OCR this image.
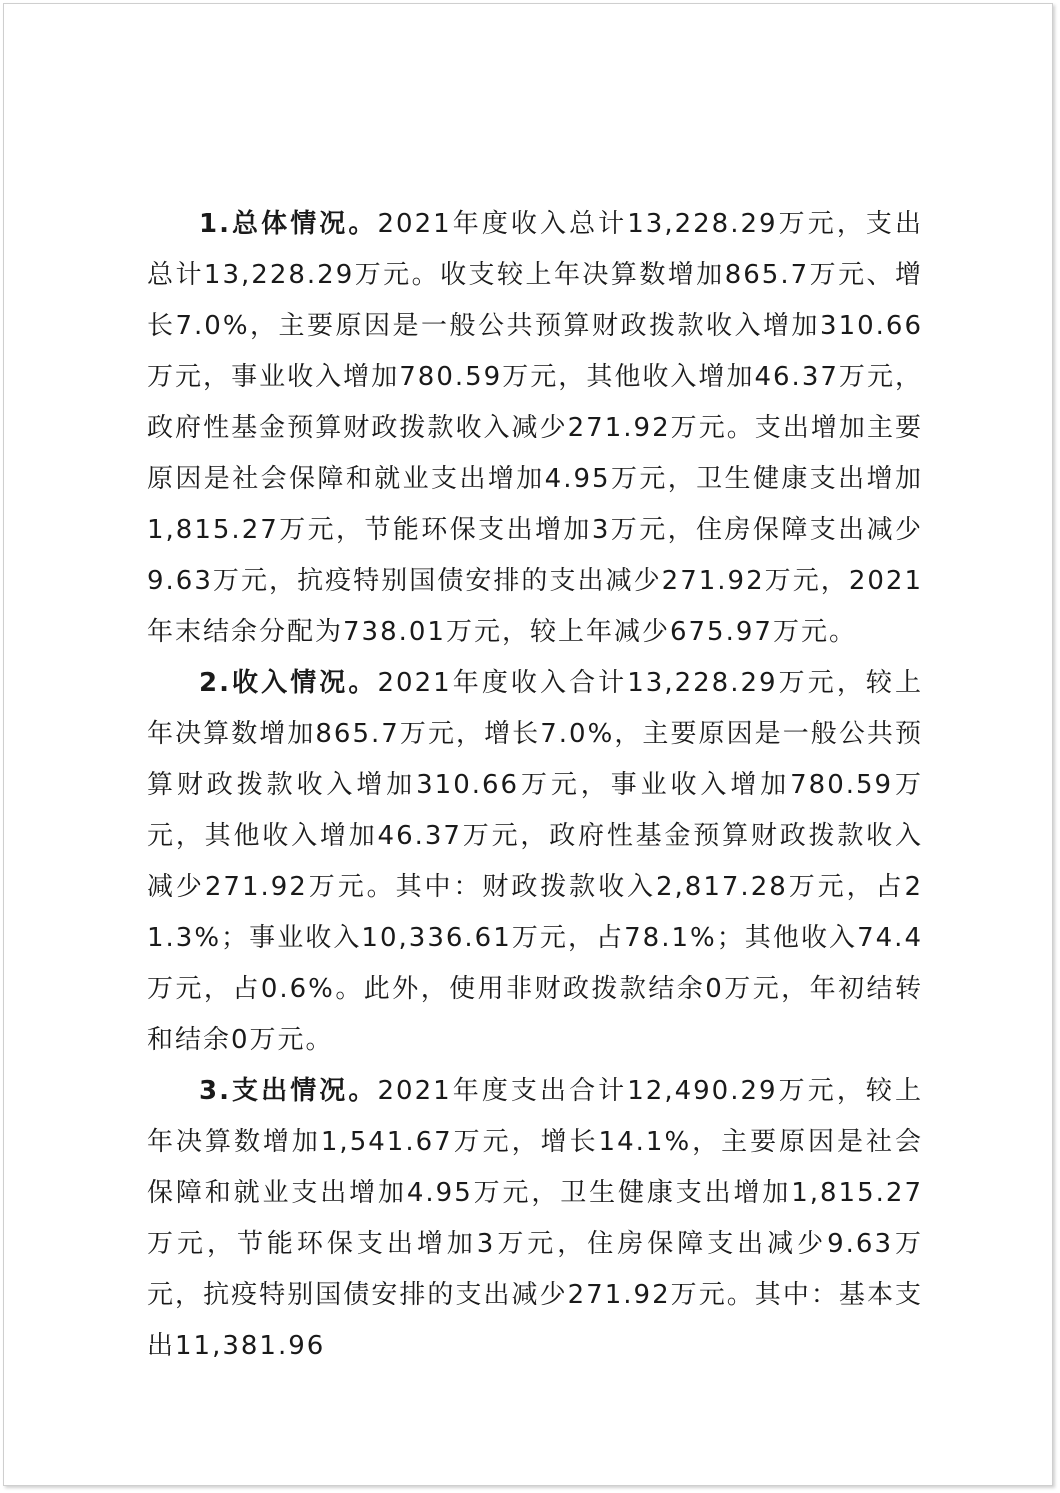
1.总体情况。2021年度收入总计13,228.29万元，支出总计13,228.29万元。收支较上年决算数增加865.7万元、增长7.0%，主要原因是一般公共预算财政拨款收入增加310.66万元，事业收入增加780.59万元，其他收入增加46.37万元，政府性基金预算财政拨款收入减少271.92万元。支出增加主要原因是社会保障和就业支出增加4.95万元，卫生健康支出增加1,815.27万元，节能环保支出增加3万元，住房保障支出减少9.63万元，抗疫特别国债安排的支出减少271.92万元，2021年末结余分配为738.01万元，较上年减少675.97万元。

2.收入情况。2021年度收入合计13,228.29万元，较上年决算数增加865.7万元，增长7.0%，主要原因是一般公共预算财政拨款收入增加310.66万元，事业收入增加780.59万元，其他收入增加46.37万元，政府性基金预算财政拨款收入减少271.92万元。其中：财政拨款收入2,817.28万元，占21.3%；事业收入10,336.61万元，占78.1%；其他收入74.4万元，占0.6%。此外，使用非财政拨款结余0万元，年初结转和结余0万元。

3.支出情况。2021年度支出合计12,490.29万元，较上年决算数增加1,541.67万元，增长14.1%，主要原因是社会保障和就业支出增加4.95万元，卫生健康支出增加1,815.27万元，节能环保支出增加3万元，住房保障支出减少9.63万元，抗疫特别国债安排的支出减少271.92万元。其中：基本支出11,381.96
